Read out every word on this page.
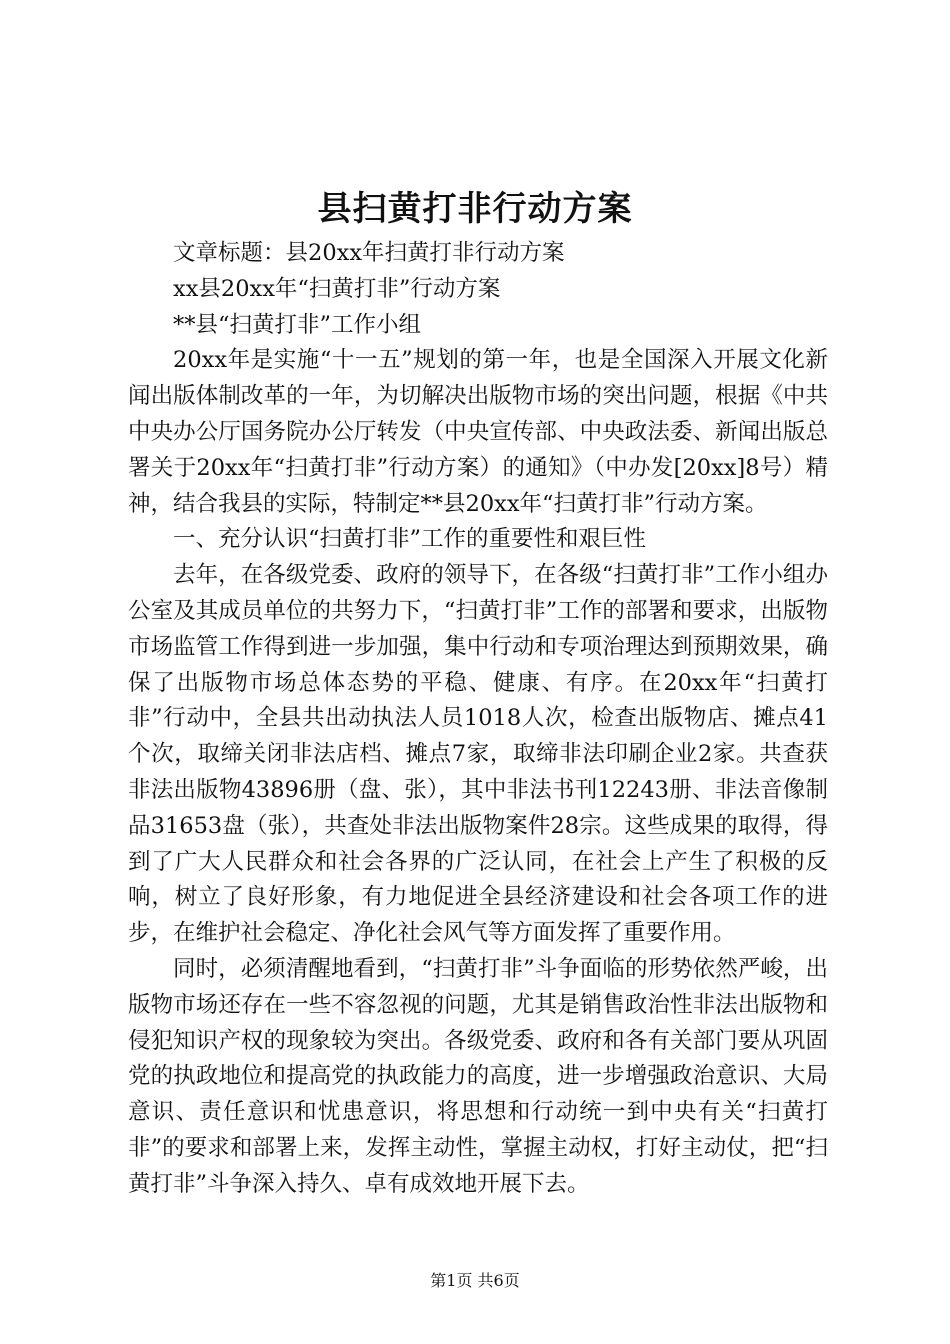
县扫黄打非行动方案

文章标题：县20xx年扫黄打非行动方案

xx县20xx年“扫黄打非”行动方案

**县“扫黄打非”工作小组

20xx年是实施“十一五”规划的第一年，也是全国深入开展文化新闻出版体制改革的一年，为切解决出版物市场的突出问题，根据《中共中央办公厅国务院办公厅转发（中央宣传部、中央政法委、新闻出版总署关于20xx年“扫黄打非”行动方案）的通知》（中办发[20xx]8号）精神，结合我县的实际，特制定**县20xx年“扫黄打非”行动方案。

一、充分认识“扫黄打非”工作的重要性和艰巨性

去年，在各级党委、政府的领导下，在各级“扫黄打非”工作小组办公室及其成员单位的共努力下，“扫黄打非”工作的部署和要求，出版物市场监管工作得到进一步加强，集中行动和专项治理达到预期效果，确保了出版物市场总体态势的平稳、健康、有序。在20xx年“扫黄打非”行动中，全县共出动执法人员1018人次，检查出版物店、摊点41个次，取缔关闭非法店档、摊点7家，取缔非法印刷企业2家。共查获非法出版物43896册（盘、张），其中非法书刊12243册、非法音像制品31653盘（张），共查处非法出版物案件28宗。这些成果的取得，得到了广大人民群众和社会各界的广泛认同，在社会上产生了积极的反响，树立了良好形象，有力地促进全县经济建设和社会各项工作的进步，在维护社会稳定、净化社会风气等方面发挥了重要作用。

同时，必须清醒地看到，“扫黄打非”斗争面临的形势依然严峻，出版物市场还存在一些不容忽视的问题，尤其是销售政治性非法出版物和侵犯知识产权的现象较为突出。各级党委、政府和各有关部门要从巩固党的执政地位和提高党的执政能力的高度，进一步增强政治意识、大局意识、责任意识和忧患意识，将思想和行动统一到中央有关“扫黄打非”的要求和部署上来，发挥主动性，掌握主动权，打好主动仗，把“扫黄打非”斗争深入持久、卓有成效地开展下去。

第1页 共6页
